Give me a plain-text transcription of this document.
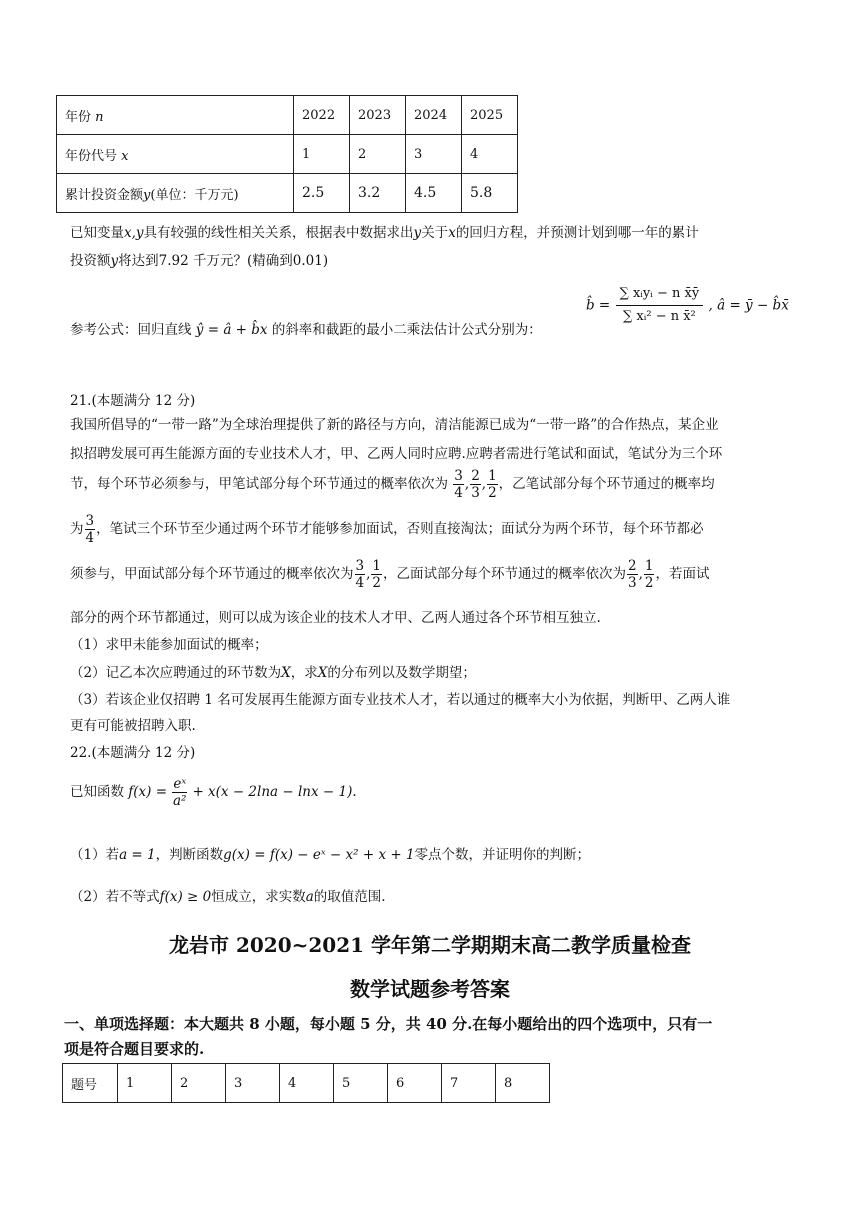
年份 n	2022	2023	2024	2025
年份代号 x	1	2	3	4
累计投资金额y(单位：千万元)	2.5	3.2	4.5	5.8
已知变量x,y具有较强的线性相关关系，根据表中数据求出y关于x的回归方程，并预测计划到哪一年的累计
投资额y将达到7.92 千万元？(精确到0.01)
参考公式：回归直线 ŷ = â + b̂x 的斜率和截距的最小二乘法估计公式分别为：
b̂ = $\frac{\text{∑ xᵢyᵢ − n x̄ȳ}}{\text{∑ xᵢ² − n x̄²}}$ , â = ȳ − b̂x̄
21.(本题满分 12 分)
我国所倡导的“一带一路”为全球治理提供了新的路径与方向，清洁能源已成为“一带一路”的合作热点，某企业
拟招聘发展可再生能源方面的专业技术人才，甲、乙两人同时应聘.应聘者需进行笔试和面试，笔试分为三个环
节，每个环节必须参与，甲笔试部分每个环节通过的概率依次为 $\frac{3}{4}$ , $\frac{2}{3}$ , $\frac{1}{2}$ ，乙笔试部分每个环节通过的概率均
为 $\frac{3}{4}$ ，笔试三个环节至少通过两个环节才能够参加面试，否则直接淘汰；面试分为两个环节，每个环节都必
须参与，甲面试部分每个环节通过的概率依次为 $\frac{3}{4}$ , $\frac{1}{2}$ ，乙面试部分每个环节通过的概率依次为 $\frac{2}{3}$ , $\frac{1}{2}$ ，若面试
部分的两个环节都通过，则可以成为该企业的技术人才甲、乙两人通过各个环节相互独立.
（1）求甲未能参加面试的概率；
（2）记乙本次应聘通过的环节数为X，求X的分布列以及数学期望；
（3）若该企业仅招聘 1 名可发展再生能源方面专业技术人才，若以通过的概率大小为依据，判断甲、乙两人谁
更有可能被招聘入职.
22.(本题满分 12 分)
已知函数 $f(x) = \frac{\text{eˣ}}{\text{a²}} + x(x - 2\ln a - \ln x - 1)$.
（1）若a = 1，判断函数g(x) = f(x) − eˣ − x² + x + 1零点个数，并证明你的判断；
（2）若不等式f(x) ≥ 0恒成立，求实数a的取值范围.
龙岩市 2020~2021 学年第二学期期末高二教学质量检查
数学试题参考答案
一、单项选择题：本大题共 8 小题，每小题 5 分，共 40 分.在每小题给出的四个选项中，只有一
项是符合题目要求的.
题号	1	2	3	4	5	6	7	8
